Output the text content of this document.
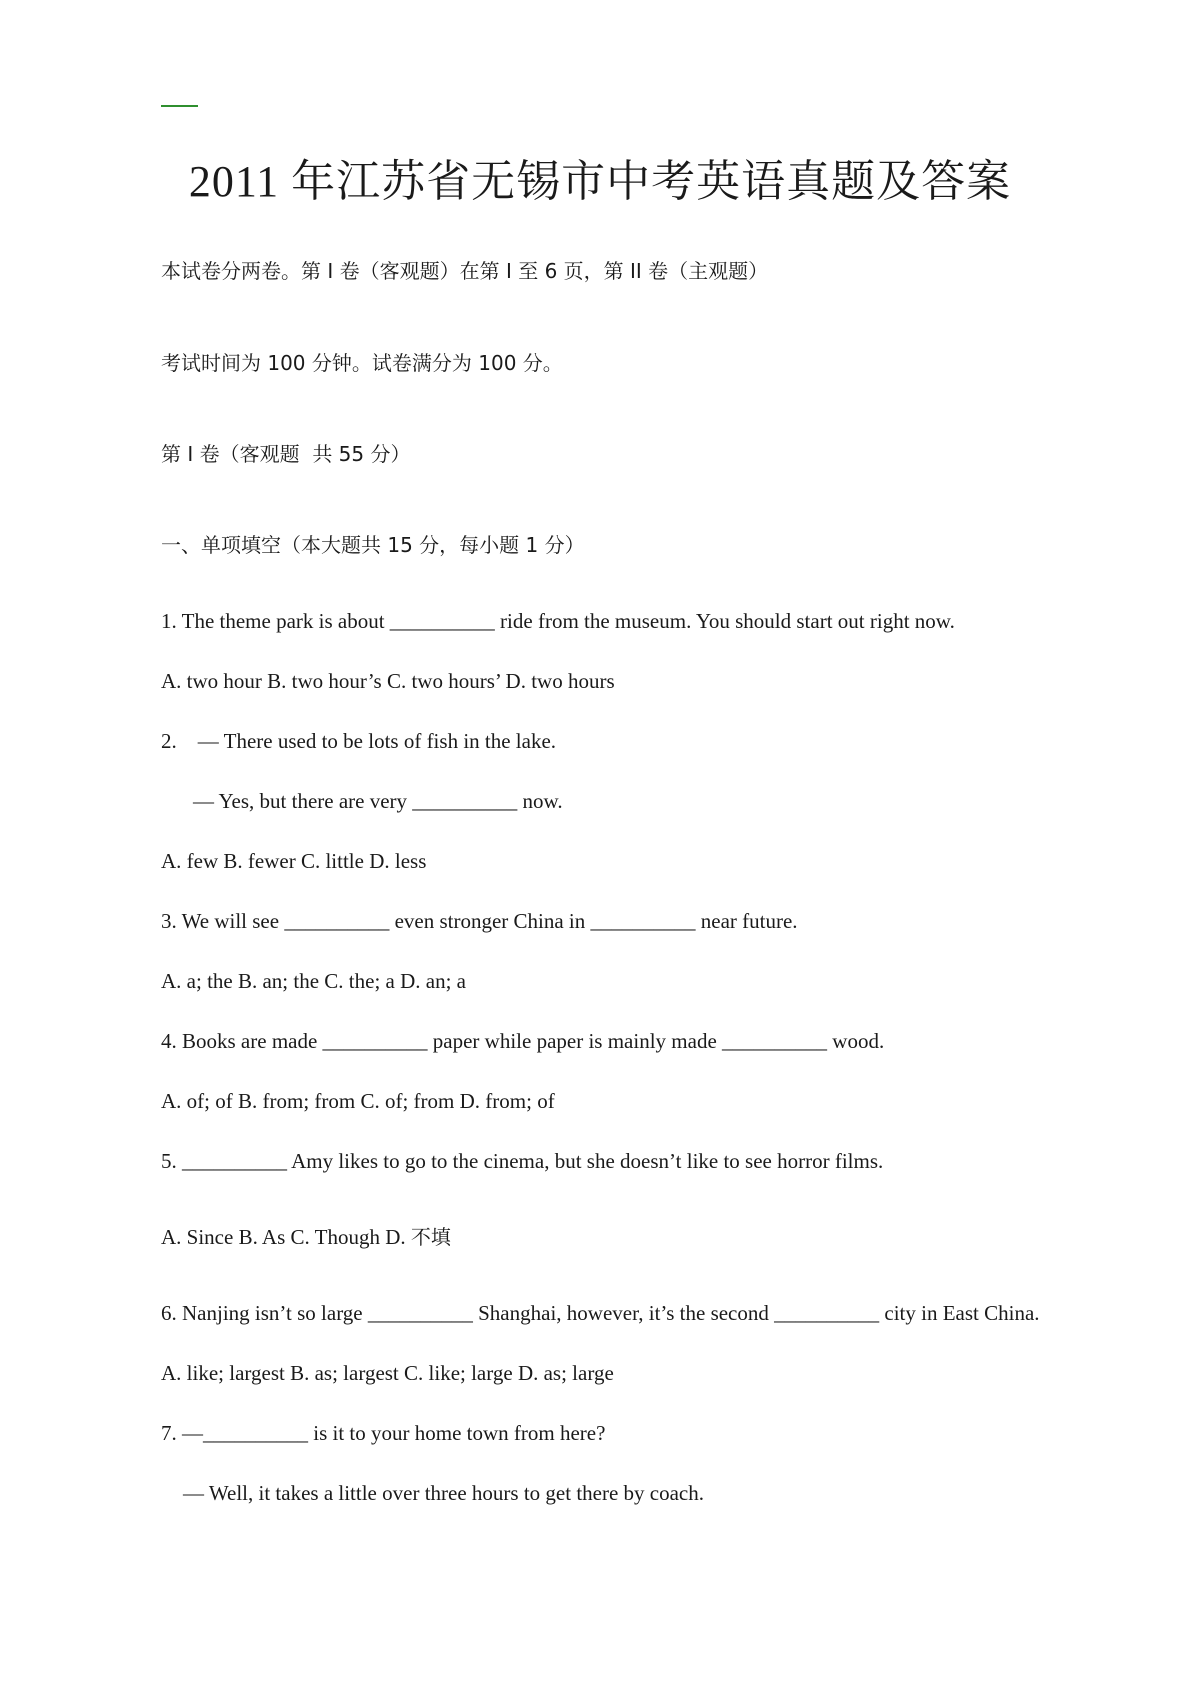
2011 年江苏省无锡市中考英语真题及答案
本试卷分两卷。第 I 卷（客观题）在第 I 至 6 页，第 II 卷（主观题）
考试时间为 100 分钟。试卷满分为 100 分。
第 I 卷（客观题  共 55 分）
一、单项填空（本大题共 15 分，每小题 1 分）
1. The theme park is about __________ ride from the museum. You should start out right now.
A. two hour B. two hour’s C. two hours’ D. two hours
2.    — There used to be lots of fish in the lake.
— Yes, but there are very __________ now.
A. few B. fewer C. little D. less
3. We will see __________ even stronger China in __________ near future.
A. a; the B. an; the C. the; a D. an; a
4. Books are made __________ paper while paper is mainly made __________ wood.
A. of; of B. from; from C. of; from D. from; of
5. __________ Amy likes to go to the cinema, but she doesn’t like to see horror films.
A. Since B. As C. Though D. 不填
6. Nanjing isn’t so large __________ Shanghai, however, it’s the second __________ city in East China.
A. like; largest B. as; largest C. like; large D. as; large
7. —__________ is it to your home town from here?
— Well, it takes a little over three hours to get there by coach.
